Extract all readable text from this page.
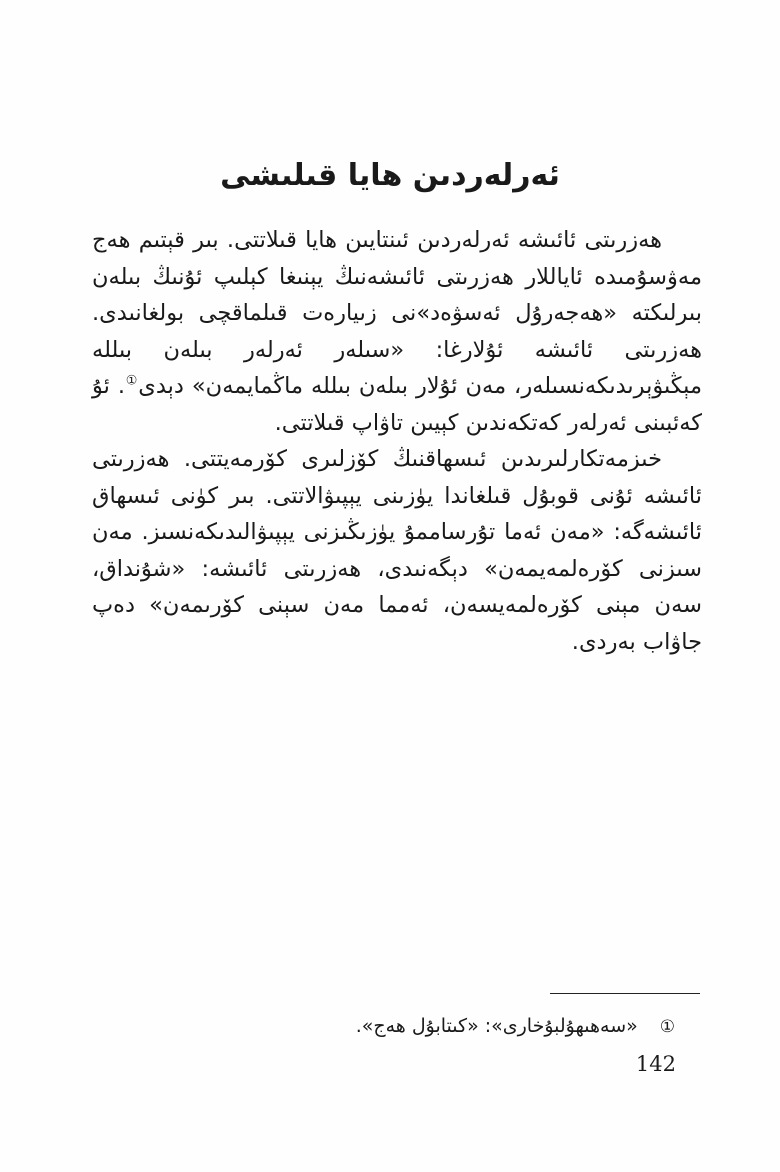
ئەرلەردىن ھايا قىلىشى

ھەزرىتى ئائىشە ئەرلەردىن ئىنتايىن ھايا قىلاتتى. بىر قېتىم ھەج مەۋسۇمىدە ئاياللار ھەزرىتى ئائىشەنىڭ يېنىغا كېلىپ ئۇنىڭ بىلەن بىرلىكتە «ھەجەرۇل ئەسۋەد»نى زىيارەت قىلماقچى بولغانىدى. ھەزرىتى ئائىشە ئۇلارغا: «سىلەر ئەرلەر بىلەن بىللە مېڭىۋېرىدىكەنسىلەر، مەن ئۇلار بىلەن بىللە ماڭمايمەن» دېدى①. ئۇ كەئبىنى ئەرلەر كەتكەندىن كېيىن تاۋاپ قىلاتتى.

خىزمەتكارلىرىدىن ئىسھاقنىڭ كۆزلىرى كۆرمەيتتى. ھەزرىتى ئائىشە ئۇنى قوبۇل قىلغاندا يۈزىنى يېپىۋالاتتى. بىر كۈنى ئىسھاق ئائىشەگە: «مەن ئەما تۇرساممۇ يۈزىڭىزنى يېپىۋالىدىكەنسىز. مەن سىزنى كۆرەلمەيمەن» دېگەنىدى، ھەزرىتى ئائىشە: «شۇنداق، سەن مېنى كۆرەلمەيسەن، ئەمما مەن سېنى كۆرىمەن» دەپ جاۋاب بەردى.

①«سەھىھۇلبۇخارى»: «كىتابۇل ھەج».
142
